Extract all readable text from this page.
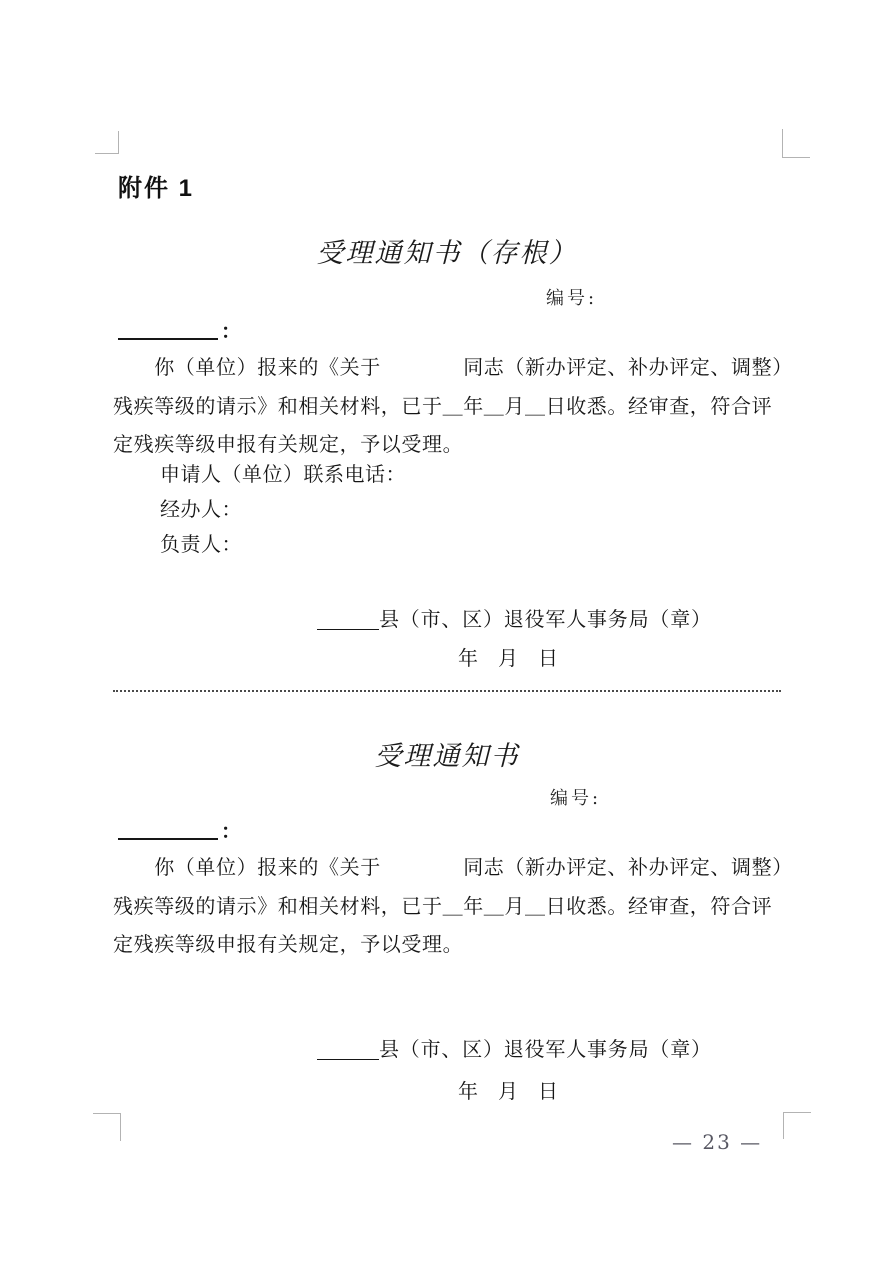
附件 1
受理通知书（存根）
编号:
：
　　你（单位）报来的《关于　　　　同志（新办评定、补办评定、调整）
残疾等级的请示》和相关材料，已于＿年＿月＿日收悉。经审查，符合评
定残疾等级申报有关规定，予以受理。
申请人（单位）联系电话：
经办人：
负责人：
县（市、区）退役军人事务局（章）
年　月　日
受理通知书
编号:
：
　　你（单位）报来的《关于　　　　同志（新办评定、补办评定、调整）
残疾等级的请示》和相关材料，已于＿年＿月＿日收悉。经审查，符合评
定残疾等级申报有关规定，予以受理。
县（市、区）退役军人事务局（章）
年　月　日
— 23 —
